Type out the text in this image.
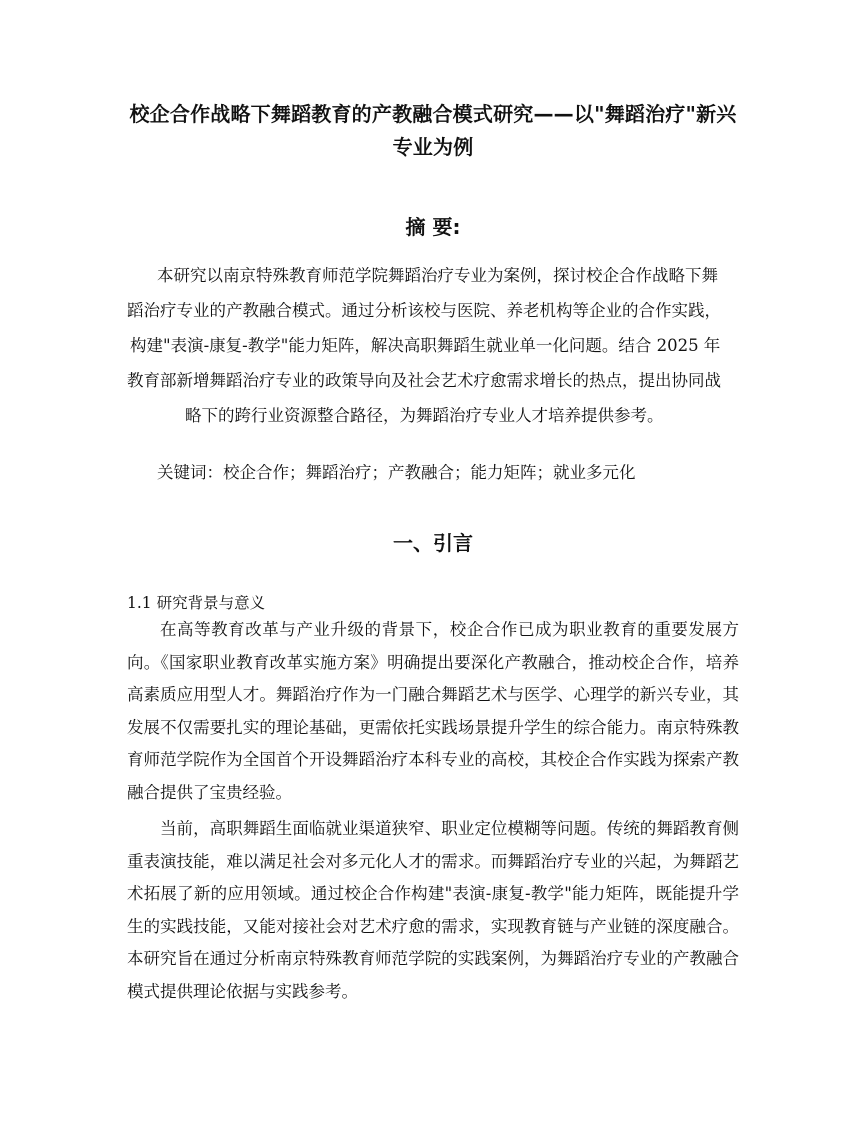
校企合作战略下舞蹈教育的产教融合模式研究——以"舞蹈治疗"新兴
专业为例
摘 要:
本研究以南京特殊教育师范学院舞蹈治疗专业为案例，探讨校企合作战略下舞
蹈治疗专业的产教融合模式。通过分析该校与医院、养老机构等企业的合作实践，
构建"表演-康复-教学"能力矩阵，解决高职舞蹈生就业单一化问题。结合 2025 年
教育部新增舞蹈治疗专业的政策导向及社会艺术疗愈需求增长的热点，提出协同战
略下的跨行业资源整合路径，为舞蹈治疗专业人才培养提供参考。
关键词：校企合作；舞蹈治疗；产教融合；能力矩阵；就业多元化
一、引言
1.1 研究背景与意义
在高等教育改革与产业升级的背景下，校企合作已成为职业教育的重要发展方向。《国家职业教育改革实施方案》明确提出要深化产教融合，推动校企合作，培养高素质应用型人才。舞蹈治疗作为一门融合舞蹈艺术与医学、心理学的新兴专业，其发展不仅需要扎实的理论基础，更需依托实践场景提升学生的综合能力。南京特殊教育师范学院作为全国首个开设舞蹈治疗本科专业的高校，其校企合作实践为探索产教融合提供了宝贵经验。
当前，高职舞蹈生面临就业渠道狭窄、职业定位模糊等问题。传统的舞蹈教育侧重表演技能，难以满足社会对多元化人才的需求。而舞蹈治疗专业的兴起，为舞蹈艺术拓展了新的应用领域。通过校企合作构建"表演-康复-教学"能力矩阵，既能提升学生的实践技能，又能对接社会对艺术疗愈的需求，实现教育链与产业链的深度融合。本研究旨在通过分析南京特殊教育师范学院的实践案例，为舞蹈治疗专业的产教融合模式提供理论依据与实践参考。
